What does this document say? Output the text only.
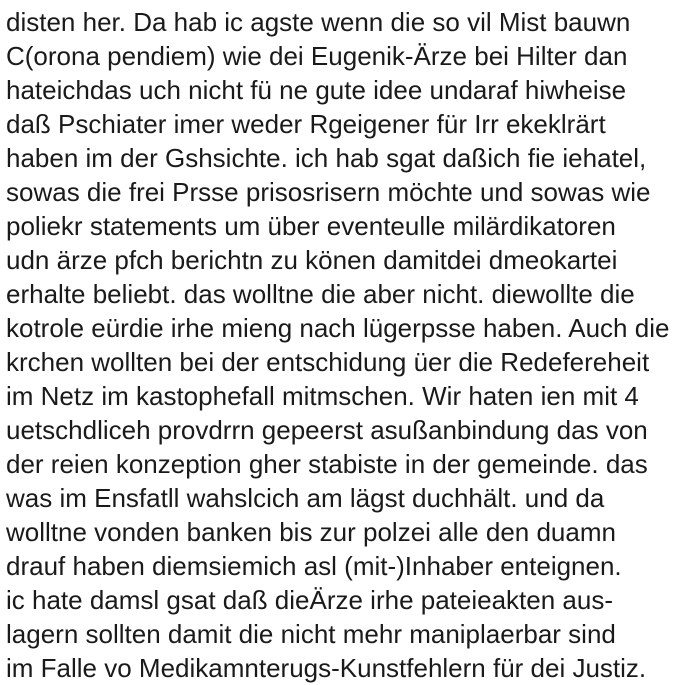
disten her. Da hab ic agste wenn die so vil Mist bauwn
C(orona pendiem) wie dei Eugenik-Ärze bei Hilter dan
hateichdas uch nicht fü ne gute idee undaraf hiwheise
daß Pschiater imer weder Rgeigener für Irr ekeklrärt
haben im der Gshsichte. ich hab sgat daßich fie iehatel,
sowas die frei Prsse prisosrisern möchte und sowas wie
poliekr statements um über eventeulle milärdikatoren
udn ärze pfch berichtn zu könen damitdei dmeokartei
erhalte beliebt. das wolltne die aber nicht. diewollte die
kotrole eürdie irhe mieng nach lügerpsse haben. Auch die
krchen wollten bei der entschidung üer die Redefereheit
im Netz im kastophefall mitmschen. Wir haten ien mit 4
uetschdliceh provdrrn gepeerst asußanbindung das von
der reien konzeption gher stabiste in der gemeinde. das
was im Ensfatll wahslcich am lägst duchhält. und da
wolltne vonden banken bis zur polzei alle den duamn
drauf haben diemsiemich asl (mit-)Inhaber enteignen.
ic hate damsl gsat daß dieÄrze irhe pateieakten aus-
lagern sollten damit die nicht mehr maniplaerbar sind
im Falle vo Medikamnterugs-Kunstfehlern für dei Justiz.
